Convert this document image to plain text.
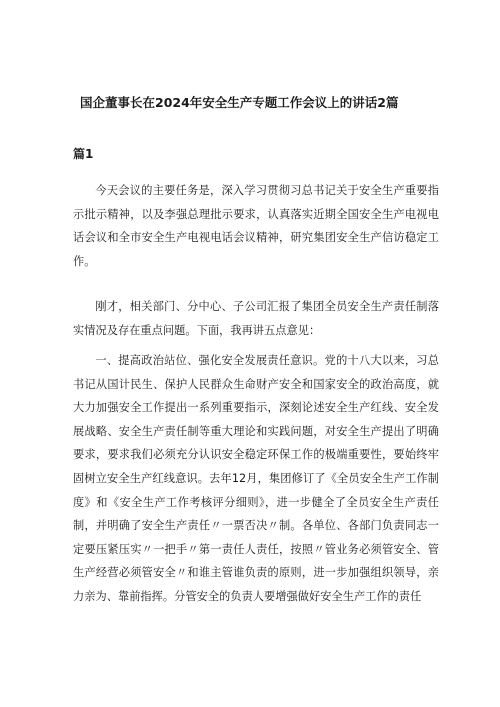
国企董事长在2024年安全生产专题工作会议上的讲话2篇
篇1

今天会议的主要任务是，深入学习贯彻习总书记关于安全生产重要指示批示精神，以及李强总理批示要求，认真落实近期全国安全生产电视电话会议和全市安全生产电视电话会议精神，研究集团安全生产信访稳定工作。

刚才，相关部门、分中心、子公司汇报了集团全员安全生产责任制落实情况及存在重点问题。下面，我再讲五点意见：

一、提高政治站位、强化安全发展责任意识。党的十八大以来，习总书记从国计民生、保护人民群众生命财产安全和国家安全的政治高度，就大力加强安全工作提出一系列重要指示，深刻论述安全生产红线、安全发展战略、安全生产责任制等重大理论和实践问题，对安全生产提出了明确要求，要求我们必须充分认识安全稳定环保工作的极端重要性，要始终牢固树立安全生产红线意识。去年12月，集团修订了《全员安全生产工作制度》和《安全生产工作考核评分细则》，进一步健全了全员安全生产责任制，并明确了安全生产责任〃一票否决〃制。各单位、各部门负责同志一定要压紧压实〃一把手〃第一责任人责任，按照〃管业务必须管安全、管生产经营必须管安全〃和谁主管谁负责的原则，进一步加强组织领导，亲力亲为、靠前指挥。分管安全的负责人要增强做好安全生产工作的责任
